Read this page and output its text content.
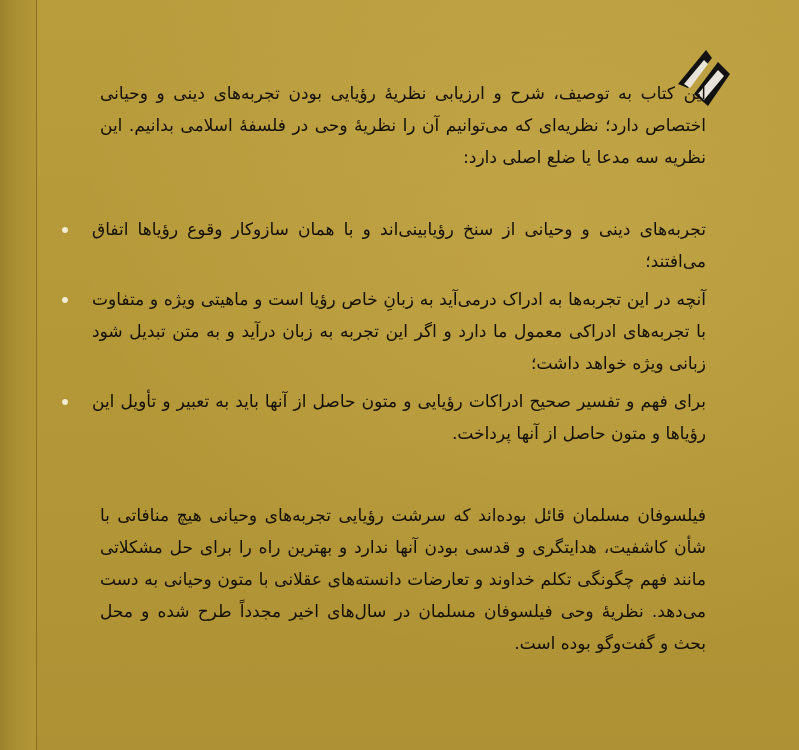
این کتاب به توصیف، شرح و ارزیابی نظریهٔ رؤیایی بودن تجربه‌های دینی و وحیانی اختصاص دارد؛ نظریه‌ای که می‌توانیم آن را نظریهٔ وحی در فلسفهٔ اسلامی بدانیم. این نظریه سه مدعا یا ضلع اصلی دارد:

تجربه‌های دینی و وحیانی از سنخ رؤیابینی‌اند و با همان سازوکار وقوع رؤیاها اتفاق می‌افتند؛
آنچه در این تجربه‌ها به ادراک درمی‌آید به زبانِ خاص رؤیا است و ماهیتی ویژه و متفاوت با تجربه‌های ادراکی معمول ما دارد و اگر این تجربه به زبان درآید و به متن تبدیل شود زبانی ویژه خواهد داشت؛
برای فهم و تفسیر صحیح ادراکات رؤیایی و متون حاصل از آنها باید به تعبیر و تأویل این رؤیاها و متون حاصل از آنها پرداخت.

فیلسوفان مسلمان قائل بوده‌اند که سرشت رؤیایی تجربه‌های وحیانی هیچ منافاتی با شأن کاشفیت، هدایتگری و قدسی بودن آنها ندارد و بهترین راه را برای حل مشکلاتی مانند فهم چگونگی تکلم خداوند و تعارضات دانسته‌های عقلانی با متون وحیانی به دست می‌دهد. نظریهٔ وحی فیلسوفان مسلمان در سال‌های اخیر مجدداً طرح شده و محل بحث و گفت‌وگو بوده است.
